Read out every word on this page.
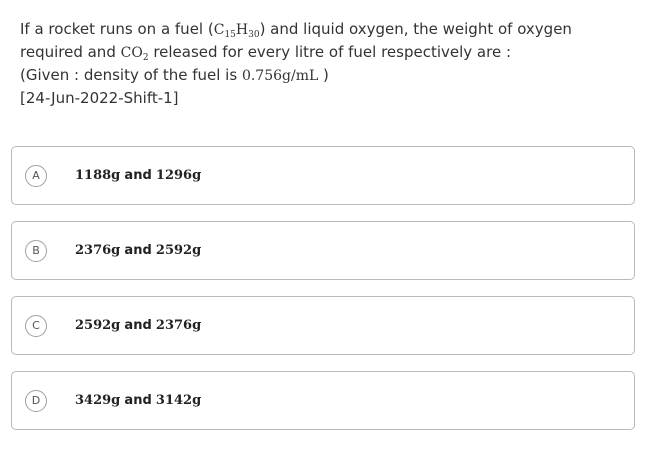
If a rocket runs on a fuel $(C_{15}H_{30})$ and liquid oxygen, the weight of oxygen
required and $CO_2$ released for every litre of fuel respectively are :
(Given : density of the fuel is 0.756g/mL )
[24-Jun-2022-Shift-1]
A	1188g and 1296g
B	2376g and 2592g
C	2592g and 2376g
D	3429g and 3142g
